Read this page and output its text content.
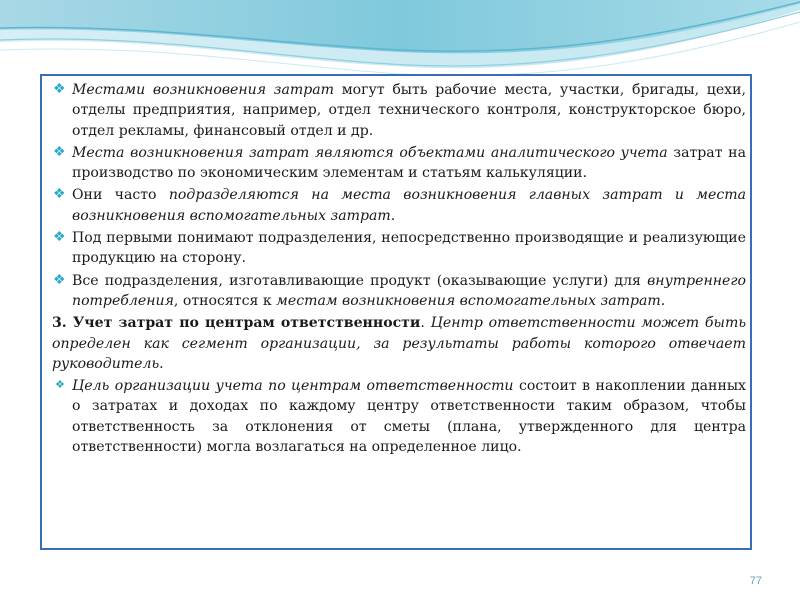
❖ Местами возникновения затрат могут быть рабочие места, участки, бригады, цехи, отделы предприятия, например, отдел технического контроля, конструкторское бюро, отдел рекламы, финансовый отдел и др.

❖ Места возникновения затрат являются объектами аналитического учета затрат на производство по экономическим элементам и статьям калькуляции.

❖ Они часто подразделяются на места возникновения главных затрат и места возникновения вспомогательных затрат.

❖ Под первыми понимают подразделения, непосредственно производящие и реализующие продукцию на сторону.

❖ Все подразделения, изготавливающие продукт (оказывающие услуги) для внутреннего потребления, относятся к местам возникновения вспомогательных затрат.

3. Учет затрат по центрам ответственности. Центр ответственности может быть определен как сегмент организации, за результаты работы которого отвечает руководитель.

❖ Цель организации учета по центрам ответственности состоит в накоплении данных о затратах и доходах по каждому центру ответственности таким образом, чтобы ответственность за отклонения от сметы (плана, утвержденного для центра ответственности) могла возлагаться на определенное лицо.

77
